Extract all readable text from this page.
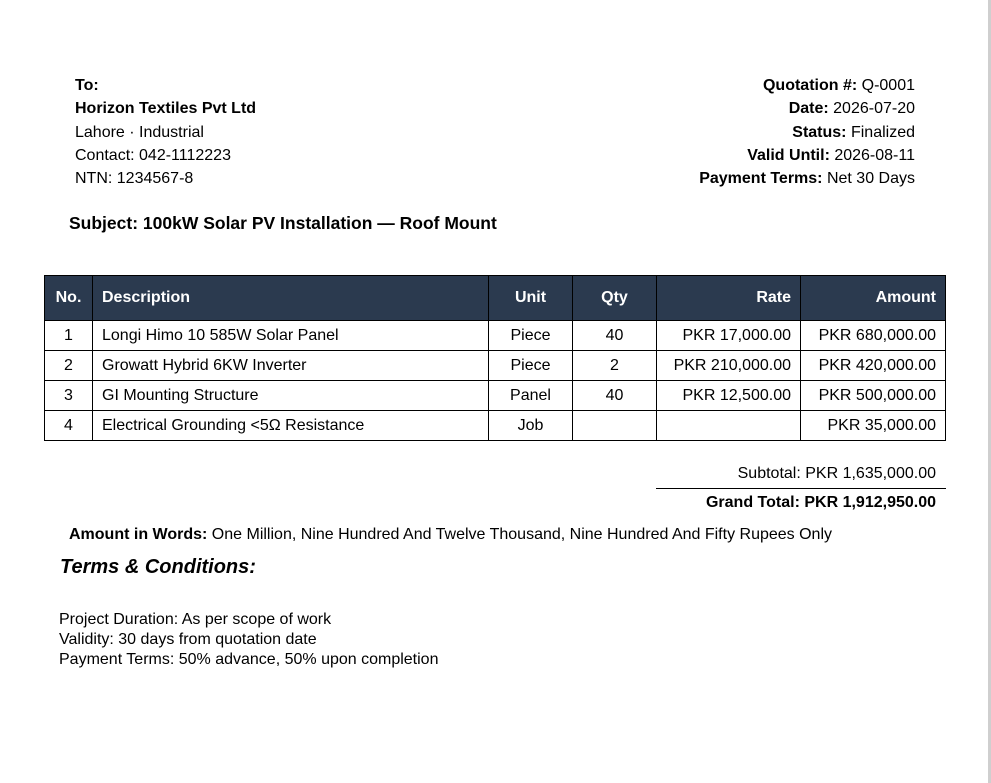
To:
Horizon Textiles Pvt Ltd
Lahore · Industrial
Contact: 042-1112223
NTN: 1234567-8
Quotation #: Q-0001
Date: 2026-07-20
Status: Finalized
Valid Until: 2026-08-11
Payment Terms: Net 30 Days
Subject: 100kW Solar PV Installation — Roof Mount
No.	Description	Unit	Qty	Rate	Amount
1	Longi Himo 10 585W Solar Panel	Piece	40	PKR 17,000.00	PKR 680,000.00
2	Growatt Hybrid 6KW Inverter	Piece	2	PKR 210,000.00	PKR 420,000.00
3	GI Mounting Structure	Panel	40	PKR 12,500.00	PKR 500,000.00
4	Electrical Grounding <5Ω Resistance	Job			PKR 35,000.00
Subtotal: PKR 1,635,000.00
Grand Total: PKR 1,912,950.00
Amount in Words: One Million, Nine Hundred And Twelve Thousand, Nine Hundred And Fifty Rupees Only
Terms & Conditions:
Project Duration: As per scope of work
Validity: 30 days from quotation date
Payment Terms: 50% advance, 50% upon completion
